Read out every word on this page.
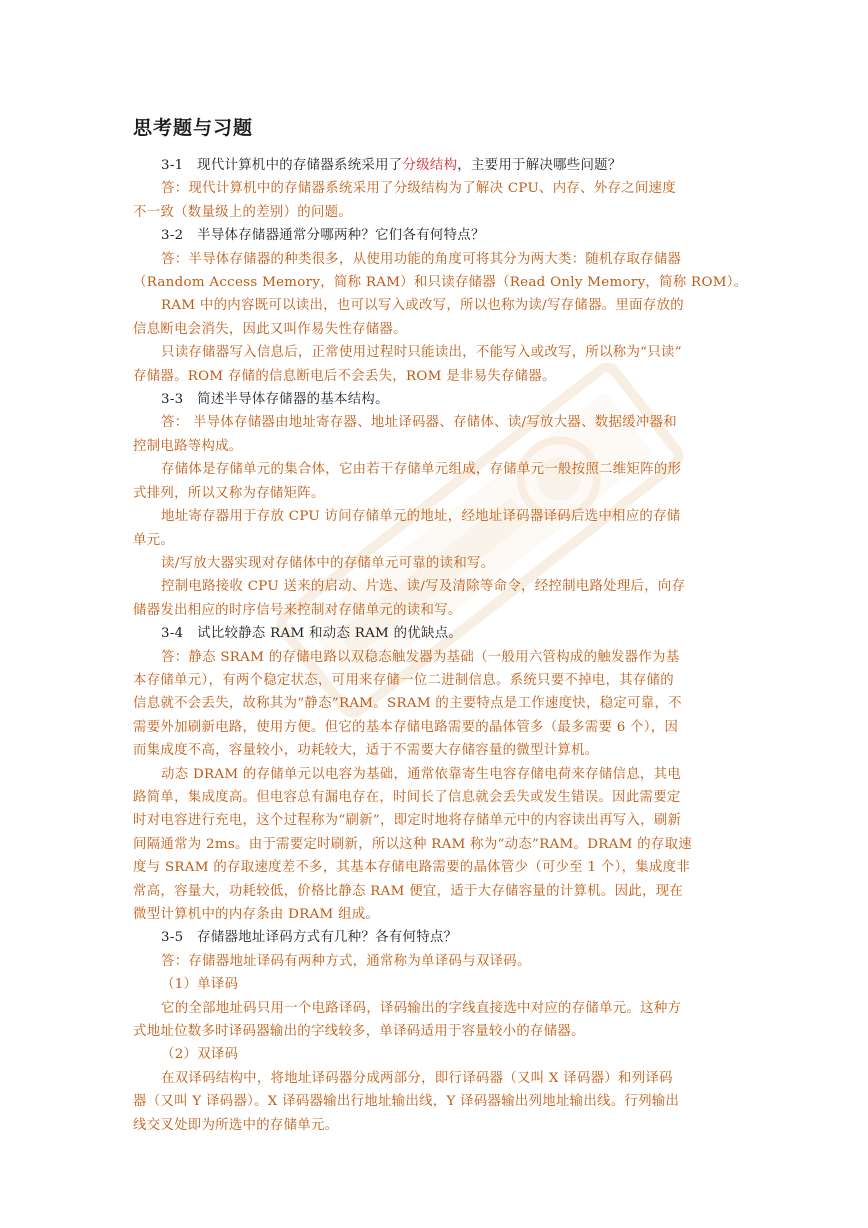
思考题与习题

3-1 现代计算机中的存储器系统采用了分级结构，主要用于解决哪些问题？

答：现代计算机中的存储器系统采用了分级结构为了解决 CPU、内存、外存之间速度

不一致（数量级上的差别）的问题。

3-2 半导体存储器通常分哪两种？它们各有何特点？

答：半导体存储器的种类很多，从使用功能的角度可将其分为两大类：随机存取存储器

（Random Access Memory，简称 RAM）和只读存储器（Read Only Memory，简称 ROM）。

RAM 中的内容既可以读出，也可以写入或改写，所以也称为读/写存储器。里面存放的

信息断电会消失，因此又叫作易失性存储器。

只读存储器写入信息后，正常使用过程时只能读出，不能写入或改写，所以称为“只读”

存储器。ROM 存储的信息断电后不会丢失，ROM 是非易失存储器。

3-3 简述半导体存储器的基本结构。

答： 半导体存储器由地址寄存器、地址译码器、存储体、读/写放大器、数据缓冲器和

控制电路等构成。

存储体是存储单元的集合体，它由若干存储单元组成，存储单元一般按照二维矩阵的形

式排列，所以又称为存储矩阵。

地址寄存器用于存放 CPU 访问存储单元的地址，经地址译码器译码后选中相应的存储

单元。

读/写放大器实现对存储体中的存储单元可靠的读和写。

控制电路接收 CPU 送来的启动、片选、读/写及清除等命令，经控制电路处理后，向存

储器发出相应的时序信号来控制对存储单元的读和写。

3-4 试比较静态 RAM 和动态 RAM 的优缺点。

答：静态 SRAM 的存储电路以双稳态触发器为基础（一般用六管构成的触发器作为基

本存储单元），有两个稳定状态，可用来存储一位二进制信息。系统只要不掉电，其存储的

信息就不会丢失，故称其为“静态”RAM。SRAM 的主要特点是工作速度快，稳定可靠，不

需要外加刷新电路，使用方便。但它的基本存储电路需要的晶体管多（最多需要 6 个），因

而集成度不高，容量较小，功耗较大，适于不需要大存储容量的微型计算机。

动态 DRAM 的存储单元以电容为基础，通常依靠寄生电容存储电荷来存储信息，其电

路简单，集成度高。但电容总有漏电存在，时间长了信息就会丢失或发生错误。因此需要定

时对电容进行充电，这个过程称为“刷新”，即定时地将存储单元中的内容读出再写入，刷新

间隔通常为 2ms。由于需要定时刷新，所以这种 RAM 称为“动态”RAM。DRAM 的存取速

度与 SRAM 的存取速度差不多，其基本存储电路需要的晶体管少（可少至 1 个），集成度非

常高，容量大，功耗较低，价格比静态 RAM 便宜，适于大存储容量的计算机。因此，现在

微型计算机中的内存条由 DRAM 组成。

3-5 存储器地址译码方式有几种？各有何特点？

答：存储器地址译码有两种方式，通常称为单译码与双译码。

（1）单译码

它的全部地址码只用一个电路译码，译码输出的字线直接选中对应的存储单元。这种方

式地址位数多时译码器输出的字线较多，单译码适用于容量较小的存储器。

（2）双译码

在双译码结构中，将地址译码器分成两部分，即行译码器（又叫 X 译码器）和列译码

器（又叫 Y 译码器）。X 译码器输出行地址输出线，Y 译码器输出列地址输出线。行列输出

线交叉处即为所选中的存储单元。
